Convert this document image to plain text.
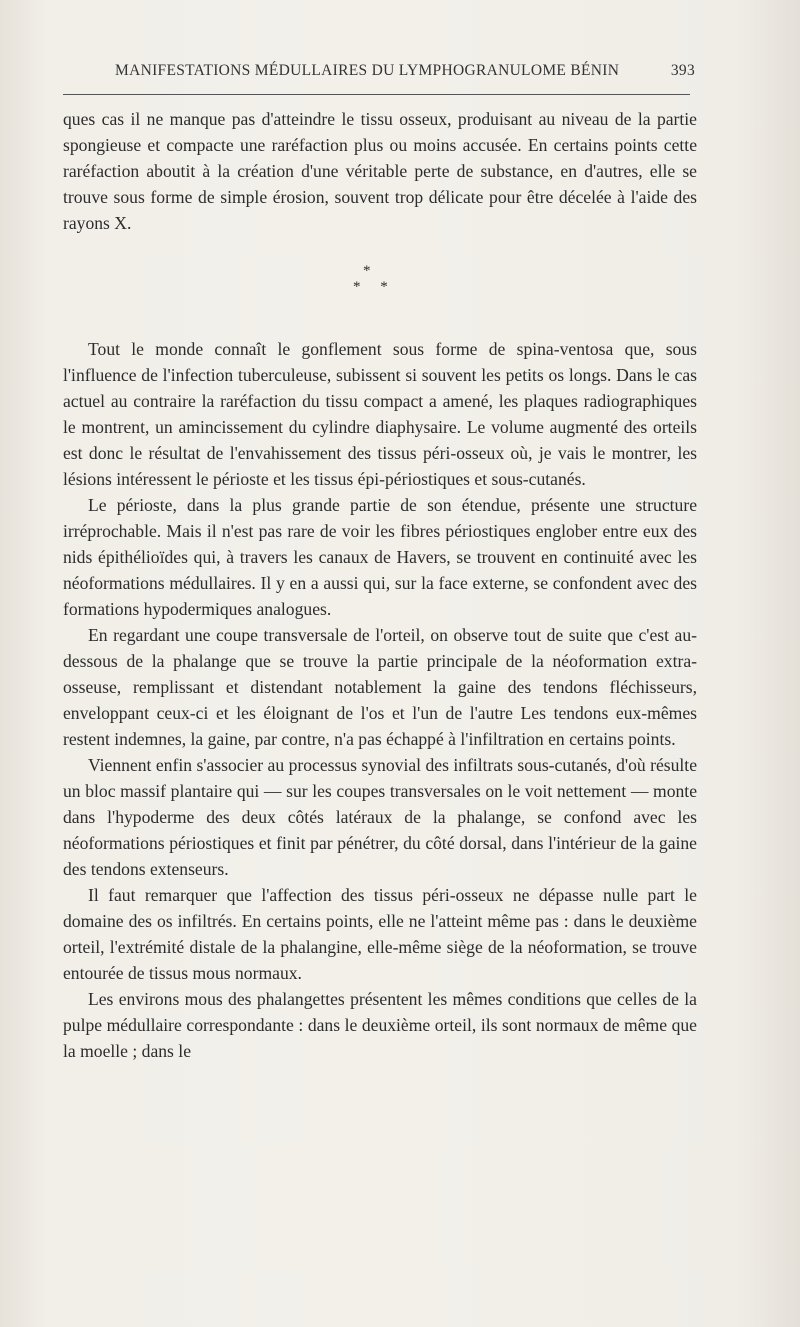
MANIFESTATIONS MÉDULLAIRES DU LYMPHOGRANULOME BÉNIN	393

ques cas il ne manque pas d'atteindre le tissu osseux, produisant au niveau de la partie spongieuse et compacte une raréfaction plus ou moins accusée. En certains points cette raréfaction aboutit à la création d'une véritable perte de substance, en d'autres, elle se trouve sous forme de simple érosion, souvent trop délicate pour être décelée à l'aide des rayons X.

*
* *

Tout le monde connaît le gonflement sous forme de spina-ventosa que, sous l'influence de l'infection tuberculeuse, subissent si souvent les petits os longs. Dans le cas actuel au contraire la raréfaction du tissu compact a amené, les plaques radiographiques le montrent, un amincissement du cylindre diaphysaire. Le volume augmenté des orteils est donc le résultat de l'envahissement des tissus péri-osseux où, je vais le montrer, les lésions intéressent le périoste et les tissus épi-périostiques et sous-cutanés.

Le périoste, dans la plus grande partie de son étendue, présente une structure irréprochable. Mais il n'est pas rare de voir les fibres périostiques englober entre eux des nids épithélioïdes qui, à travers les canaux de Havers, se trouvent en continuité avec les néoformations médullaires. Il y en a aussi qui, sur la face externe, se confondent avec des formations hypodermiques analogues.

En regardant une coupe transversale de l'orteil, on observe tout de suite que c'est au-dessous de la phalange que se trouve la partie principale de la néoformation extra-osseuse, remplissant et distendant notablement la gaine des tendons fléchisseurs, enveloppant ceux-ci et les éloignant de l'os et l'un de l'autre Les tendons eux-mêmes restent indemnes, la gaine, par contre, n'a pas échappé à l'infiltration en certains points.

Viennent enfin s'associer au processus synovial des infiltrats sous-cutanés, d'où résulte un bloc massif plantaire qui — sur les coupes transversales on le voit nettement — monte dans l'hypoderme des deux côtés latéraux de la phalange, se confond avec les néoformations périostiques et finit par pénétrer, du côté dorsal, dans l'intérieur de la gaine des tendons extenseurs.

Il faut remarquer que l'affection des tissus péri-osseux ne dépasse nulle part le domaine des os infiltrés. En certains points, elle ne l'atteint même pas : dans le deuxième orteil, l'extrémité distale de la phalangine, elle-même siège de la néoformation, se trouve entourée de tissus mous normaux.

Les environs mous des phalangettes présentent les mêmes conditions que celles de la pulpe médullaire correspondante : dans le deuxième orteil, ils sont normaux de même que la moelle ; dans le
